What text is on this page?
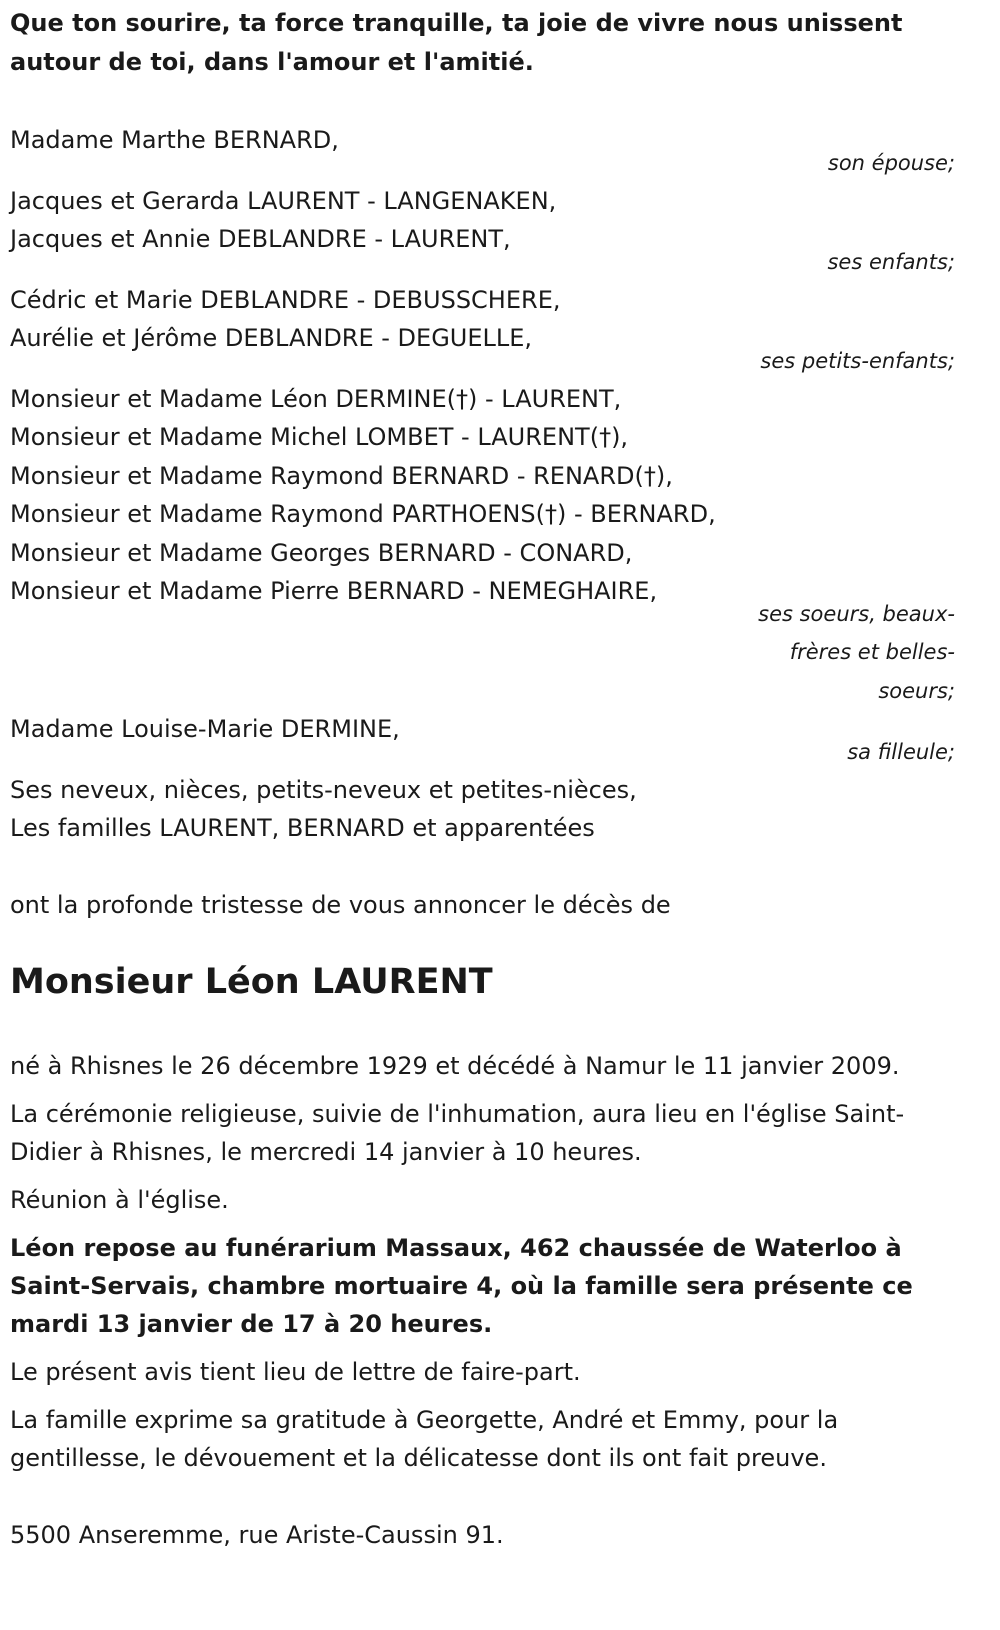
Que ton sourire, ta force tranquille, ta joie de vivre nous unissent
autour de toi, dans l'amour et l'amitié.
Madame Marthe BERNARD,
son épouse;
Jacques et Gerarda LAURENT - LANGENAKEN,
Jacques et Annie DEBLANDRE - LAURENT,
ses enfants;
Cédric et Marie DEBLANDRE - DEBUSSCHERE,
Aurélie et Jérôme DEBLANDRE - DEGUELLE,
ses petits-enfants;
Monsieur et Madame Léon DERMINE(†) - LAURENT,
Monsieur et Madame Michel LOMBET - LAURENT(†),
Monsieur et Madame Raymond BERNARD - RENARD(†),
Monsieur et Madame Raymond PARTHOENS(†) - BERNARD,
Monsieur et Madame Georges BERNARD - CONARD,
Monsieur et Madame Pierre BERNARD - NEMEGHAIRE,
ses soeurs, beaux-
frères et belles-
soeurs;
Madame Louise-Marie DERMINE,
sa filleule;
Ses neveux, nièces, petits-neveux et petites-nièces,
Les familles LAURENT, BERNARD et apparentées
ont la profonde tristesse de vous annoncer le décès de
Monsieur Léon LAURENT
né à Rhisnes le 26 décembre 1929 et décédé à Namur le 11 janvier 2009.
La cérémonie religieuse, suivie de l'inhumation, aura lieu en l'église Saint-
Didier à Rhisnes, le mercredi 14 janvier à 10 heures.
Réunion à l'église.
Léon repose au funérarium Massaux, 462 chaussée de Waterloo à
Saint-Servais, chambre mortuaire 4, où la famille sera présente ce
mardi 13 janvier de 17 à 20 heures.
Le présent avis tient lieu de lettre de faire-part.
La famille exprime sa gratitude à Georgette, André et Emmy, pour la
gentillesse, le dévouement et la délicatesse dont ils ont fait preuve.
5500 Anseremme, rue Ariste-Caussin 91.
